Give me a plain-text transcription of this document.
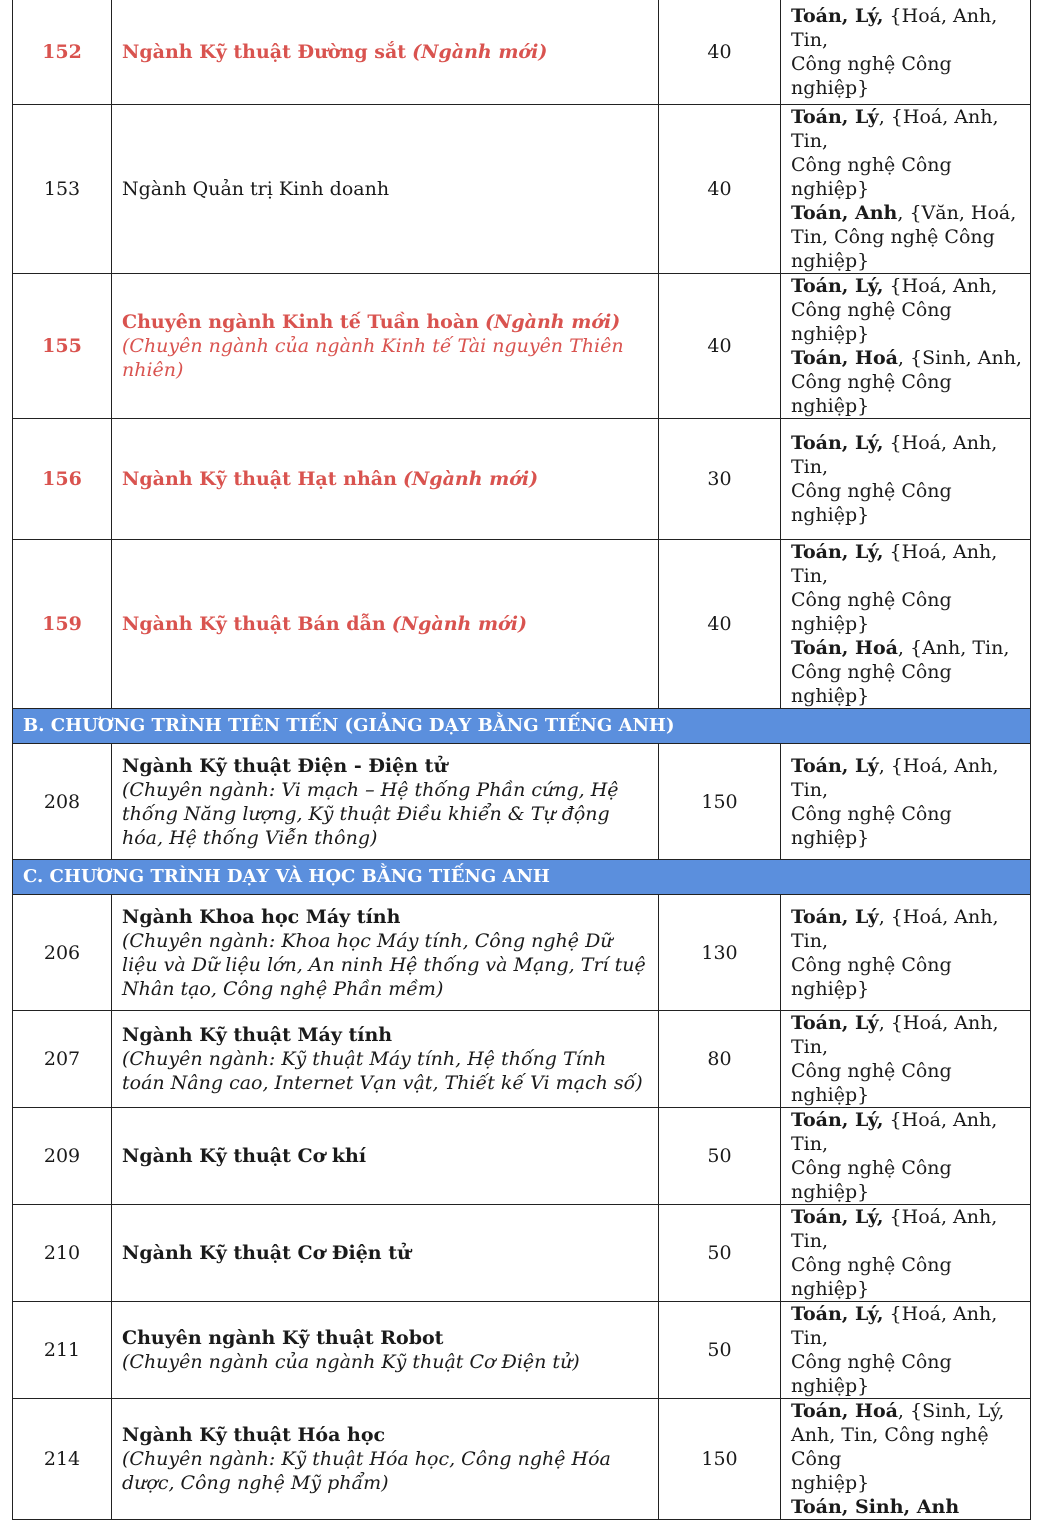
152	Ngành Kỹ thuật Đường sắt (Ngành mới)	40	Toán, Lý, {Hoá, Anh, Tin,
Công nghệ Công nghiệp}

153	Ngành Quản trị Kinh doanh	40	Toán, Lý, {Hoá, Anh, Tin,
Công nghệ Công nghiệp}
Toán, Anh, {Văn, Hoá,
Tin, Công nghệ Công
nghiệp}

155	Chuyên ngành Kinh tế Tuần hoàn (Ngành mới)
(Chuyên ngành của ngành Kinh tế Tài nguyên Thiên nhiên)	40	Toán, Lý, {Hoá, Anh,
Công nghệ Công nghiệp}
Toán, Hoá, {Sinh, Anh,
Công nghệ Công nghiệp}

156	Ngành Kỹ thuật Hạt nhân (Ngành mới)	30	Toán, Lý, {Hoá, Anh, Tin,
Công nghệ Công nghiệp}

159	Ngành Kỹ thuật Bán dẫn (Ngành mới)	40	Toán, Lý, {Hoá, Anh, Tin,
Công nghệ Công nghiệp}
Toán, Hoá, {Anh, Tin,
Công nghệ Công nghiệp}

B. CHƯƠNG TRÌNH TIÊN TIẾN (GIẢNG DẠY BẰNG TIẾNG ANH)			
208	Ngành Kỹ thuật Điện - Điện tử
(Chuyên ngành: Vi mạch – Hệ thống Phần cứng, Hệ thống Năng lượng, Kỹ thuật Điều khiển & Tự động hóa, Hệ thống Viễn thông)	150	Toán, Lý, {Hoá, Anh, Tin,
Công nghệ Công nghiệp}

C. CHƯƠNG TRÌNH DẠY VÀ HỌC BẰNG TIẾNG ANH			
206	Ngành Khoa học Máy tính
(Chuyên ngành: Khoa học Máy tính, Công nghệ Dữ liệu và Dữ liệu lớn, An ninh Hệ thống và Mạng, Trí tuệ Nhân tạo, Công nghệ Phần mềm)	130	Toán, Lý, {Hoá, Anh, Tin,
Công nghệ Công nghiệp}

207	Ngành Kỹ thuật Máy tính
(Chuyên ngành: Kỹ thuật Máy tính, Hệ thống Tính toán Nâng cao, Internet Vạn vật, Thiết kế Vi mạch số)	80	Toán, Lý, {Hoá, Anh, Tin,
Công nghệ Công nghiệp}

209	Ngành Kỹ thuật Cơ khí	50	Toán, Lý, {Hoá, Anh, Tin,
Công nghệ Công nghiệp}

210	Ngành Kỹ thuật Cơ Điện tử	50	Toán, Lý, {Hoá, Anh, Tin,
Công nghệ Công nghiệp}

211	Chuyên ngành Kỹ thuật Robot
(Chuyên ngành của ngành Kỹ thuật Cơ Điện tử)	50	Toán, Lý, {Hoá, Anh, Tin,
Công nghệ Công nghiệp}

214	Ngành Kỹ thuật Hóa học
(Chuyên ngành: Kỹ thuật Hóa học, Công nghệ Hóa dược, Công nghệ Mỹ phẩm)	150	Toán, Hoá, {Sinh, Lý,
Anh, Tin, Công nghệ Công
nghiệp}
Toán, Sinh, Anh
